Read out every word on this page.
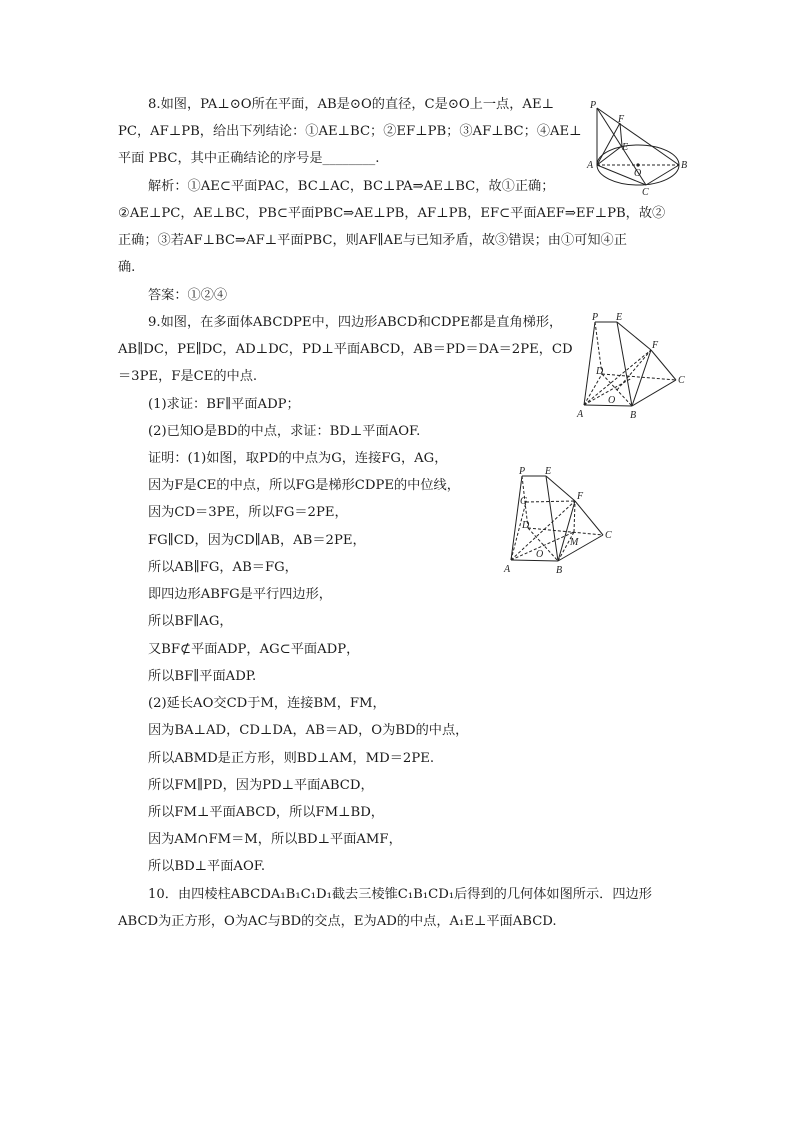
8.如图，PA⊥⊙O所在平面，AB是⊙O的直径，C是⊙O上一点，AE⊥
PC，AF⊥PB，给出下列结论：①AE⊥BC；②EF⊥PB；③AF⊥BC；④AE⊥
平面 PBC，其中正确结论的序号是________.
解析：①AE⊂平面PAC，BC⊥AC，BC⊥PA⇒AE⊥BC，故①正确；
②AE⊥PC，AE⊥BC，PB⊂平面PBC⇒AE⊥PB，AF⊥PB，EF⊂平面AEF⇒EF⊥PB，故②
正确；③若AF⊥BC⇒AF⊥平面PBC，则AF∥AE与已知矛盾，故③错误；由①可知④正
确.
答案：①②④
P
F
E
A
O
B
C
9.如图，在多面体ABCDPE中，四边形ABCD和CDPE都是直角梯形，
AB∥DC，PE∥DC，AD⊥DC，PD⊥平面ABCD，AB＝PD＝DA＝2PE，CD
＝3PE，F是CE的中点.
(1)求证：BF∥平面ADP；
(2)已知O是BD的中点，求证：BD⊥平面AOF.
证明：(1)如图，取PD的中点为G，连接FG，AG，
因为F是CE的中点，所以FG是梯形CDPE的中位线，
因为CD＝3PE，所以FG＝2PE，
FG∥CD，因为CD∥AB，AB＝2PE，
所以AB∥FG，AB＝FG，
即四边形ABFG是平行四边形，
所以BF∥AG，
又BF⊄平面ADP，AG⊂平面ADP，
所以BF∥平面ADP.
(2)延长AO交CD于M，连接BM，FM，
因为BA⊥AD，CD⊥DA，AB＝AD，O为BD的中点，
所以ABMD是正方形，则BD⊥AM，MD＝2PE.
所以FM∥PD，因为PD⊥平面ABCD，
所以FM⊥平面ABCD，所以FM⊥BD，
因为AM∩FM＝M，所以BD⊥平面AMF，
所以BD⊥平面AOF.
P E
F
D
O
A	B
C
P E
G	F
D
O
M
A	B
C
10．由四棱柱ABCDA₁B₁C₁D₁截去三棱锥C₁B₁CD₁后得到的几何体如图所示．四边形
ABCD为正方形，O为AC与BD的交点，E为AD的中点，A₁E⊥平面ABCD.
